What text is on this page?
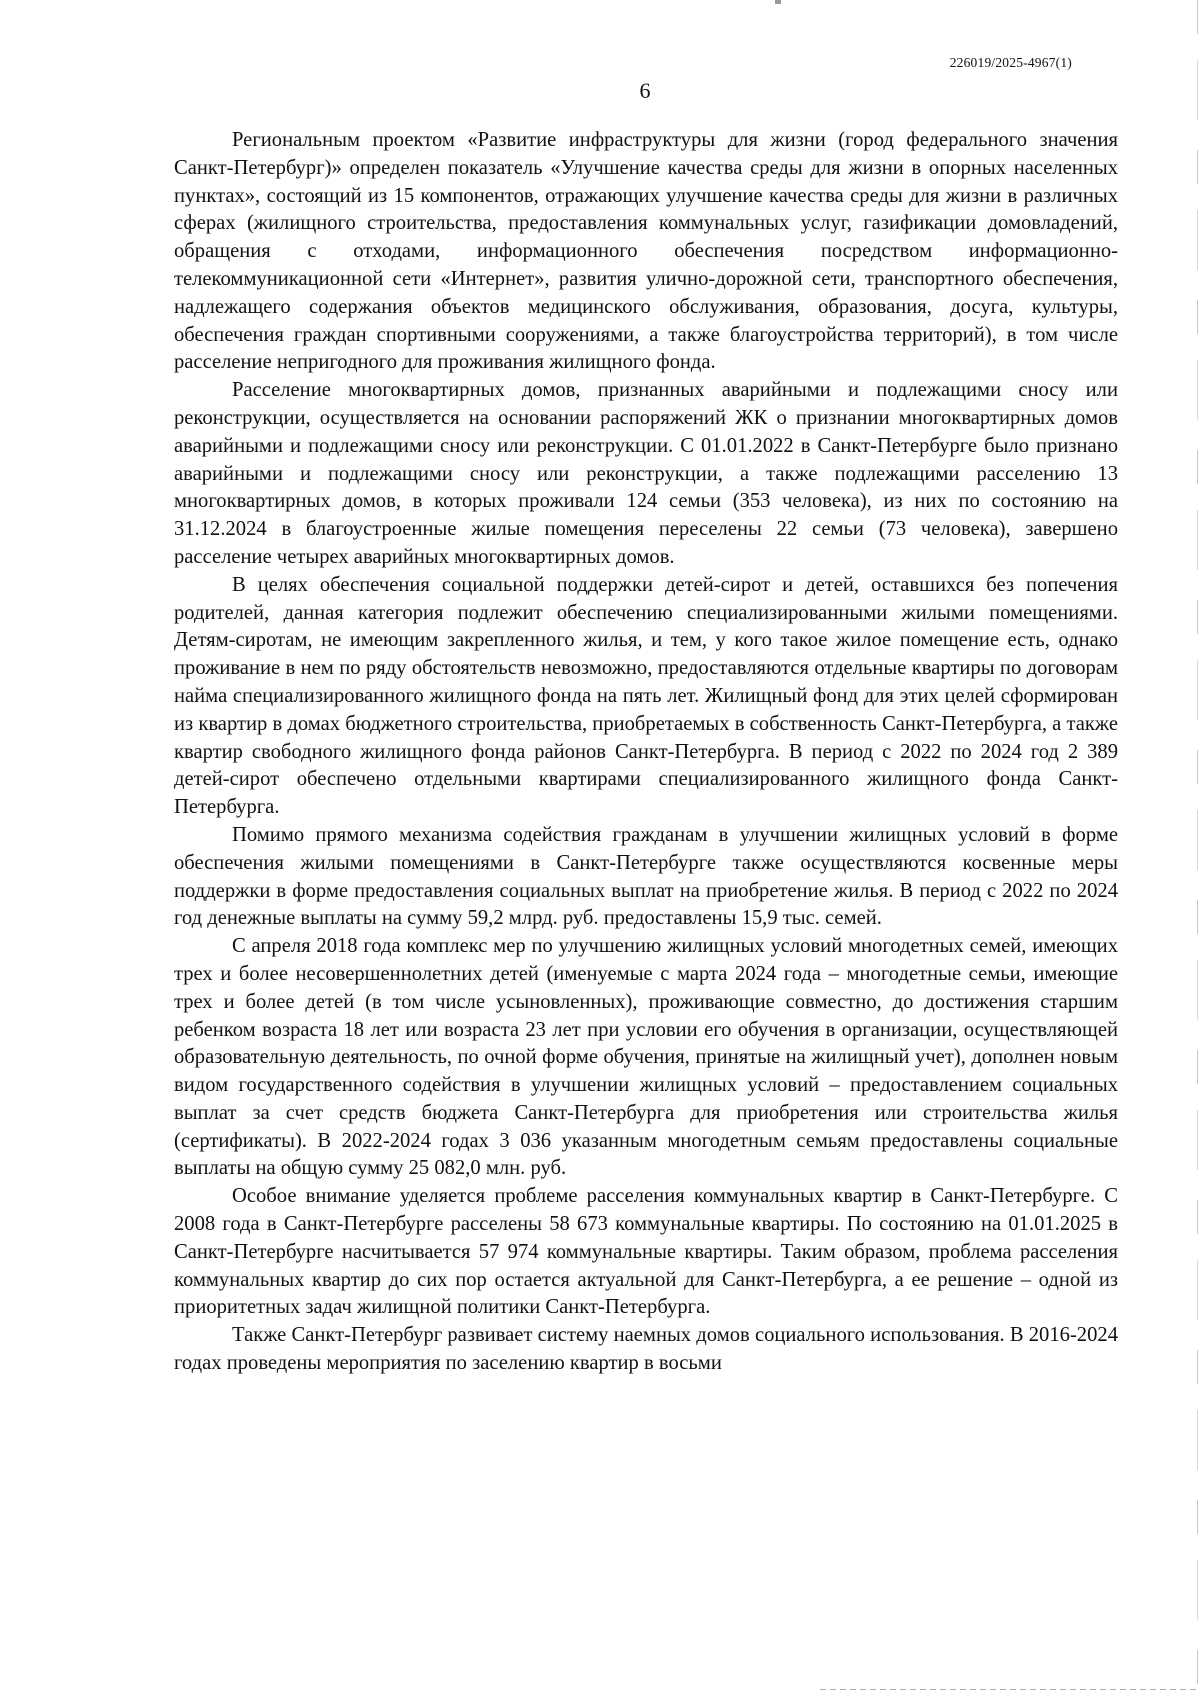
226019/2025-4967(1)
6

Региональным проектом «Развитие инфраструктуры для жизни (город федерального значения Санкт-Петербург)» определен показатель «Улучшение качества среды для жизни в опорных населенных пунктах», состоящий из 15 компонентов, отражающих улучшение качества среды для жизни в различных сферах (жилищного строительства, предоставления коммунальных услуг, газификации домовладений, обращения с отходами, информационного обеспечения посредством информационно-телекоммуникационной сети «Интернет», развития улично-дорожной сети, транспортного обеспечения, надлежащего содержания объектов медицинского обслуживания, образования, досуга, культуры, обеспечения граждан спортивными сооружениями, а также благоустройства территорий), в том числе расселение непригодного для проживания жилищного фонда.

Расселение многоквартирных домов, признанных аварийными и подлежащими сносу или реконструкции, осуществляется на основании распоряжений ЖК о признании многоквартирных домов аварийными и подлежащими сносу или реконструкции. С 01.01.2022 в Санкт-Петербурге было признано аварийными и подлежащими сносу или реконструкции, а также подлежащими расселению 13 многоквартирных домов, в которых проживали 124 семьи (353 человека), из них по состоянию на 31.12.2024 в благоустроенные жилые помещения переселены 22 семьи (73 человека), завершено расселение четырех аварийных многоквартирных домов.

В целях обеспечения социальной поддержки детей-сирот и детей, оставшихся без попечения родителей, данная категория подлежит обеспечению специализированными жилыми помещениями. Детям-сиротам, не имеющим закрепленного жилья, и тем, у кого такое жилое помещение есть, однако проживание в нем по ряду обстоятельств невозможно, предоставляются отдельные квартиры по договорам найма специализированного жилищного фонда на пять лет. Жилищный фонд для этих целей сформирован из квартир в домах бюджетного строительства, приобретаемых в собственность Санкт-Петербурга, а также квартир свободного жилищного фонда районов Санкт-Петербурга. В период с 2022 по 2024 год 2 389 детей-сирот обеспечено отдельными квартирами специализированного жилищного фонда Санкт-Петербурга.

Помимо прямого механизма содействия гражданам в улучшении жилищных условий в форме обеспечения жилыми помещениями в Санкт-Петербурге также осуществляются косвенные меры поддержки в форме предоставления социальных выплат на приобретение жилья. В период с 2022 по 2024 год денежные выплаты на сумму 59,2 млрд. руб. предоставлены 15,9 тыс. семей.

С апреля 2018 года комплекс мер по улучшению жилищных условий многодетных семей, имеющих трех и более несовершеннолетних детей (именуемые с марта 2024 года – многодетные семьи, имеющие трех и более детей (в том числе усыновленных), проживающие совместно, до достижения старшим ребенком возраста 18 лет или возраста 23 лет при условии его обучения в организации, осуществляющей образовательную деятельность, по очной форме обучения, принятые на жилищный учет), дополнен новым видом государственного содействия в улучшении жилищных условий – предоставлением социальных выплат за счет средств бюджета Санкт-Петербурга для приобретения или строительства жилья (сертификаты). В 2022-2024 годах 3 036 указанным многодетным семьям предоставлены социальные выплаты на общую сумму 25 082,0 млн. руб.

Особое внимание уделяется проблеме расселения коммунальных квартир в Санкт-Петербурге. С 2008 года в Санкт-Петербурге расселены 58 673 коммунальные квартиры. По состоянию на 01.01.2025 в Санкт-Петербурге насчитывается 57 974 коммунальные квартиры. Таким образом, проблема расселения коммунальных квартир до сих пор остается актуальной для Санкт-Петербурга, а ее решение – одной из приоритетных задач жилищной политики Санкт-Петербурга.

Также Санкт-Петербург развивает систему наемных домов социального использования. В 2016-2024 годах проведены мероприятия по заселению квартир в восьми
